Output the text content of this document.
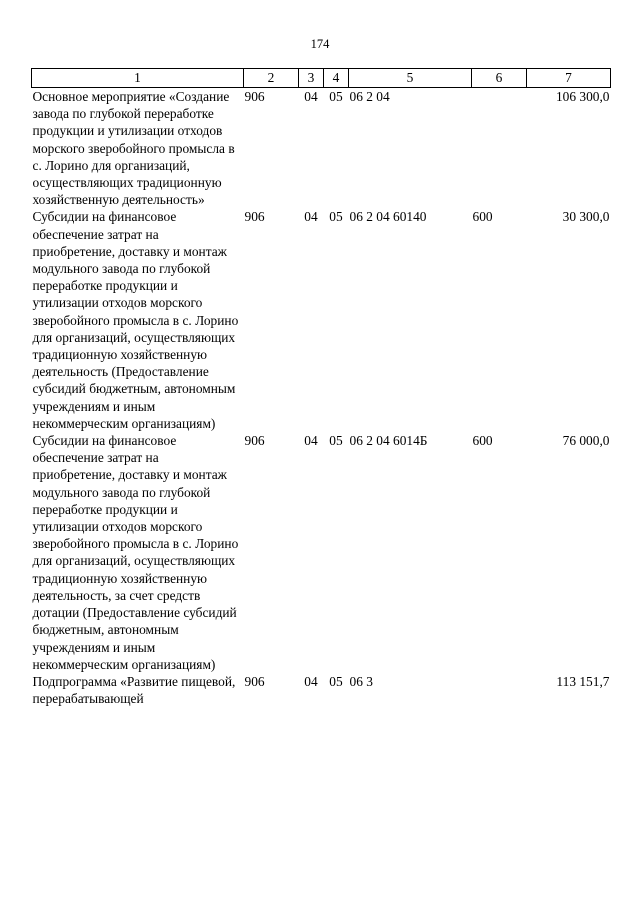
174
1	2	3	4	5	6	7
Основное мероприятие «Создание завода по глубокой переработке продукции и утилизации отходов морского зверобойного промысла в с. Лорино для организаций, осуществляющих традиционную хозяйственную деятельность»	906	04	05	06 2 04		106 300,0
Субсидии на финансовое обеспечение затрат на приобретение, доставку и монтаж модульного завода по глубокой переработке продукции и утилизации отходов морского зверобойного промысла в с. Лорино для организаций, осуществляющих традиционную хозяйственную деятельность (Предоставление субсидий бюджетным, автономным учреждениям и иным некоммерческим организациям)	906	04	05	06 2 04 60140	600	30 300,0
Субсидии на финансовое обеспечение затрат на приобретение, доставку и монтаж модульного завода по глубокой переработке продукции и утилизации отходов морского зверобойного промысла в с. Лорино для организаций, осуществляющих традиционную хозяйственную деятельность, за счет средств дотации (Предоставление субсидий бюджетным, автономным учреждениям и иным некоммерческим организациям)	906	04	05	06 2 04 6014Б	600	76 000,0
Подпрограмма «Развитие пищевой, перерабатывающей	906	04	05	06 3		113 151,7
